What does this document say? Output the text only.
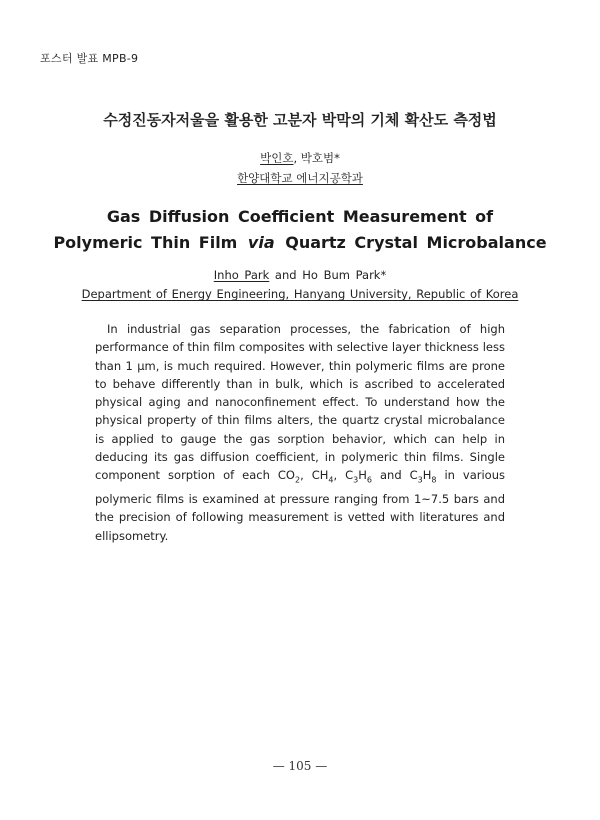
포스터 발표 MPB-9
수정진동자저울을 활용한 고분자 박막의 기체 확산도 측정법
박인호, 박호범*
한양대학교 에너지공학과
Gas Diffusion Coefficient Measurement of
Polymeric Thin Film via Quartz Crystal Microbalance
Inho Park and Ho Bum Park*
Department of Energy Engineering, Hanyang University, Republic of Korea
In industrial gas separation processes, the fabrication of high performance of thin film composites with selective layer thickness less than 1 μm, is much required. However, thin polymeric films are prone to behave differently than in bulk, which is ascribed to accelerated physical aging and nanoconfinement effect. To understand how the physical property of thin films alters, the quartz crystal microbalance is applied to gauge the gas sorption behavior, which can help in deducing its gas diffusion coefficient, in polymeric thin films. Single component sorption of each $CO_2$, $CH_4$, $C_3H_6$ and $C_3H_8$ in various polymeric films is examined at pressure ranging from 1~7.5 bars and the precision of following measurement is vetted with literatures and ellipsometry.
— 105 —
